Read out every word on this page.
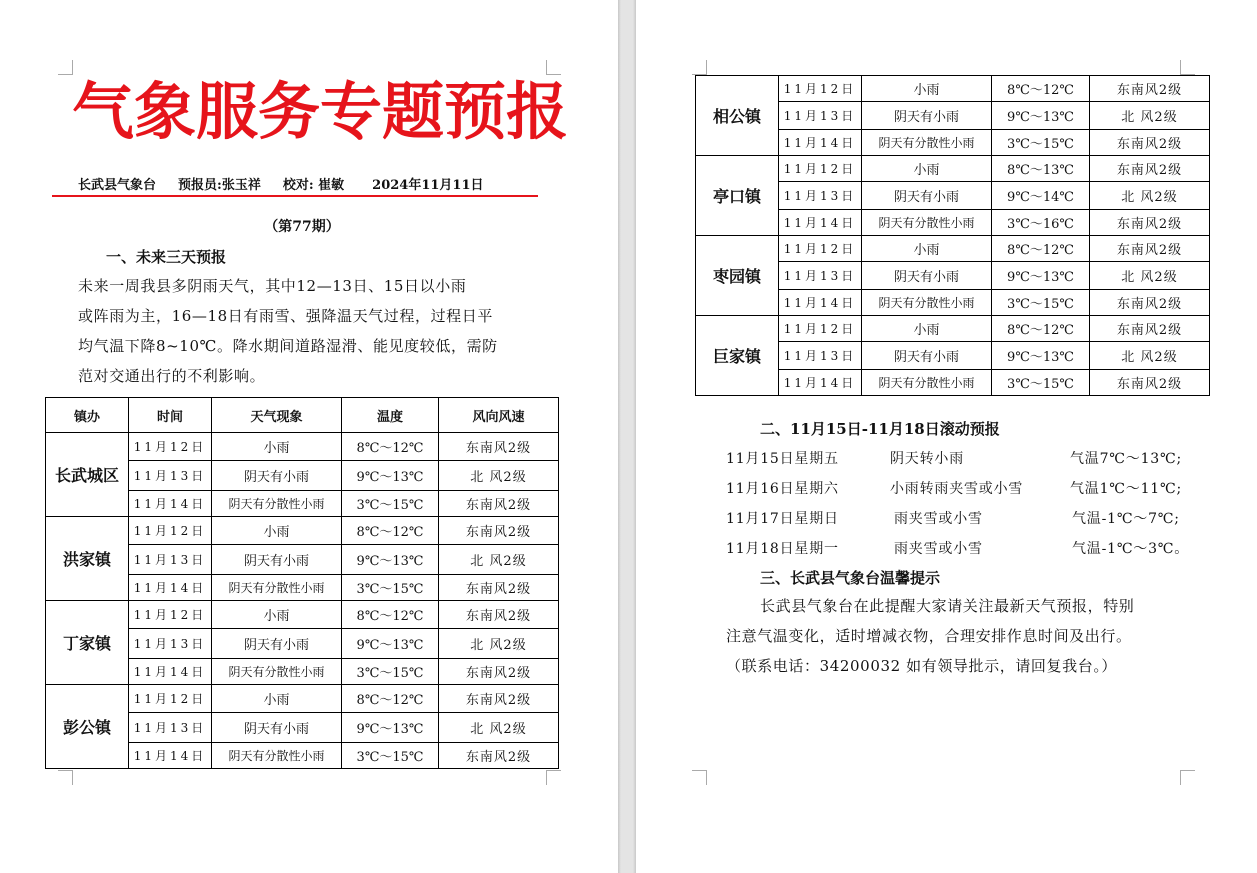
气象服务专题预报
长武县气象台 预报员:张玉祥 校对: 崔敏 2024年11月11日
（第77期）
一、未来三天预报
未来一周我县多阴雨天气，其中12—13日、15日以小雨
或阵雨为主，16—18日有雨雪、强降温天气过程，过程日平
均气温下降8~10℃。降水期间道路湿滑、能见度较低，需防
范对交通出行的不利影响。
镇办	时间	天气现象	温度	风向风速
长武城区	11月12日	小雨	8℃～12℃	东南风2级
	11月13日	阴天有小雨	9℃～13℃	北 风2级
	11月14日	阴天有分散性小雨	3℃～15℃	东南风2级
洪家镇	11月12日	小雨	8℃～12℃	东南风2级
	11月13日	阴天有小雨	9℃～13℃	北 风2级
	11月14日	阴天有分散性小雨	3℃～15℃	东南风2级
丁家镇	11月12日	小雨	8℃～12℃	东南风2级
	11月13日	阴天有小雨	9℃～13℃	北 风2级
	11月14日	阴天有分散性小雨	3℃～15℃	东南风2级
彭公镇	11月12日	小雨	8℃～12℃	东南风2级
	11月13日	阴天有小雨	9℃～13℃	北 风2级
	11月14日	阴天有分散性小雨	3℃～15℃	东南风2级
相公镇	11月12日	小雨	8℃～12℃	东南风2级
	11月13日	阴天有小雨	9℃～13℃	北 风2级
	11月14日	阴天有分散性小雨	3℃～15℃	东南风2级
亭口镇	11月12日	小雨	8℃～13℃	东南风2级
	11月13日	阴天有小雨	9℃～14℃	北 风2级
	11月14日	阴天有分散性小雨	3℃～16℃	东南风2级
枣园镇	11月12日	小雨	8℃～12℃	东南风2级
	11月13日	阴天有小雨	9℃～13℃	北 风2级
	11月14日	阴天有分散性小雨	3℃～15℃	东南风2级
巨家镇	11月12日	小雨	8℃～12℃	东南风2级
	11月13日	阴天有小雨	9℃～13℃	北 风2级
	11月14日	阴天有分散性小雨	3℃～15℃	东南风2级
二、11月15日-11月18日滚动预报
11月15日星期五	阴天转小雨	气温7℃～13℃;
11月16日星期六	小雨转雨夹雪或小雪	气温1℃～11℃;
11月17日星期日	雨夹雪或小雪	气温-1℃～7℃;
11月18日星期一	雨夹雪或小雪	气温-1℃～3℃。
三、长武县气象台温馨提示
长武县气象台在此提醒大家请关注最新天气预报，特别
注意气温变化，适时增减衣物，合理安排作息时间及出行。
（联系电话：34200032 如有领导批示，请回复我台。）
